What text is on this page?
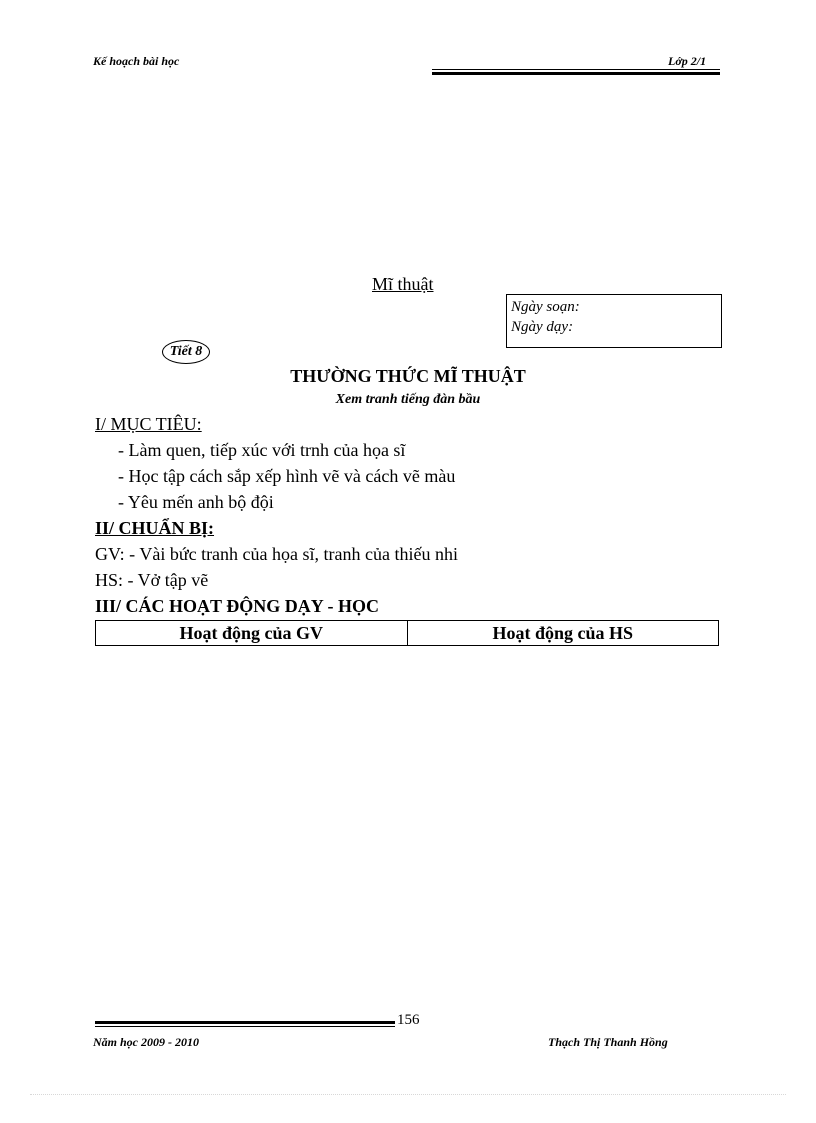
Kế hoạch bài học	Lớp 2/1
Mĩ thuật
Ngày soạn:
Ngày dạy:
Tiết 8
THƯỜNG THỨC MĨ THUẬT
Xem tranh tiếng đàn bầu
I/ MỤC TIÊU:
- Làm quen, tiếp xúc với trnh của họa sĩ
- Học tập cách sắp xếp hình vẽ và cách vẽ màu
- Yêu mến anh bộ đội
II/ CHUẨN BỊ:
GV: - Vài bức tranh của họa sĩ, tranh của thiếu nhi
HS: - Vở tập vẽ
III/ CÁC HOẠT ĐỘNG DẠY - HỌC
Hoạt động của GV	Hoạt động của HS
156
Năm học 2009 - 2010	Thạch Thị Thanh Hồng
